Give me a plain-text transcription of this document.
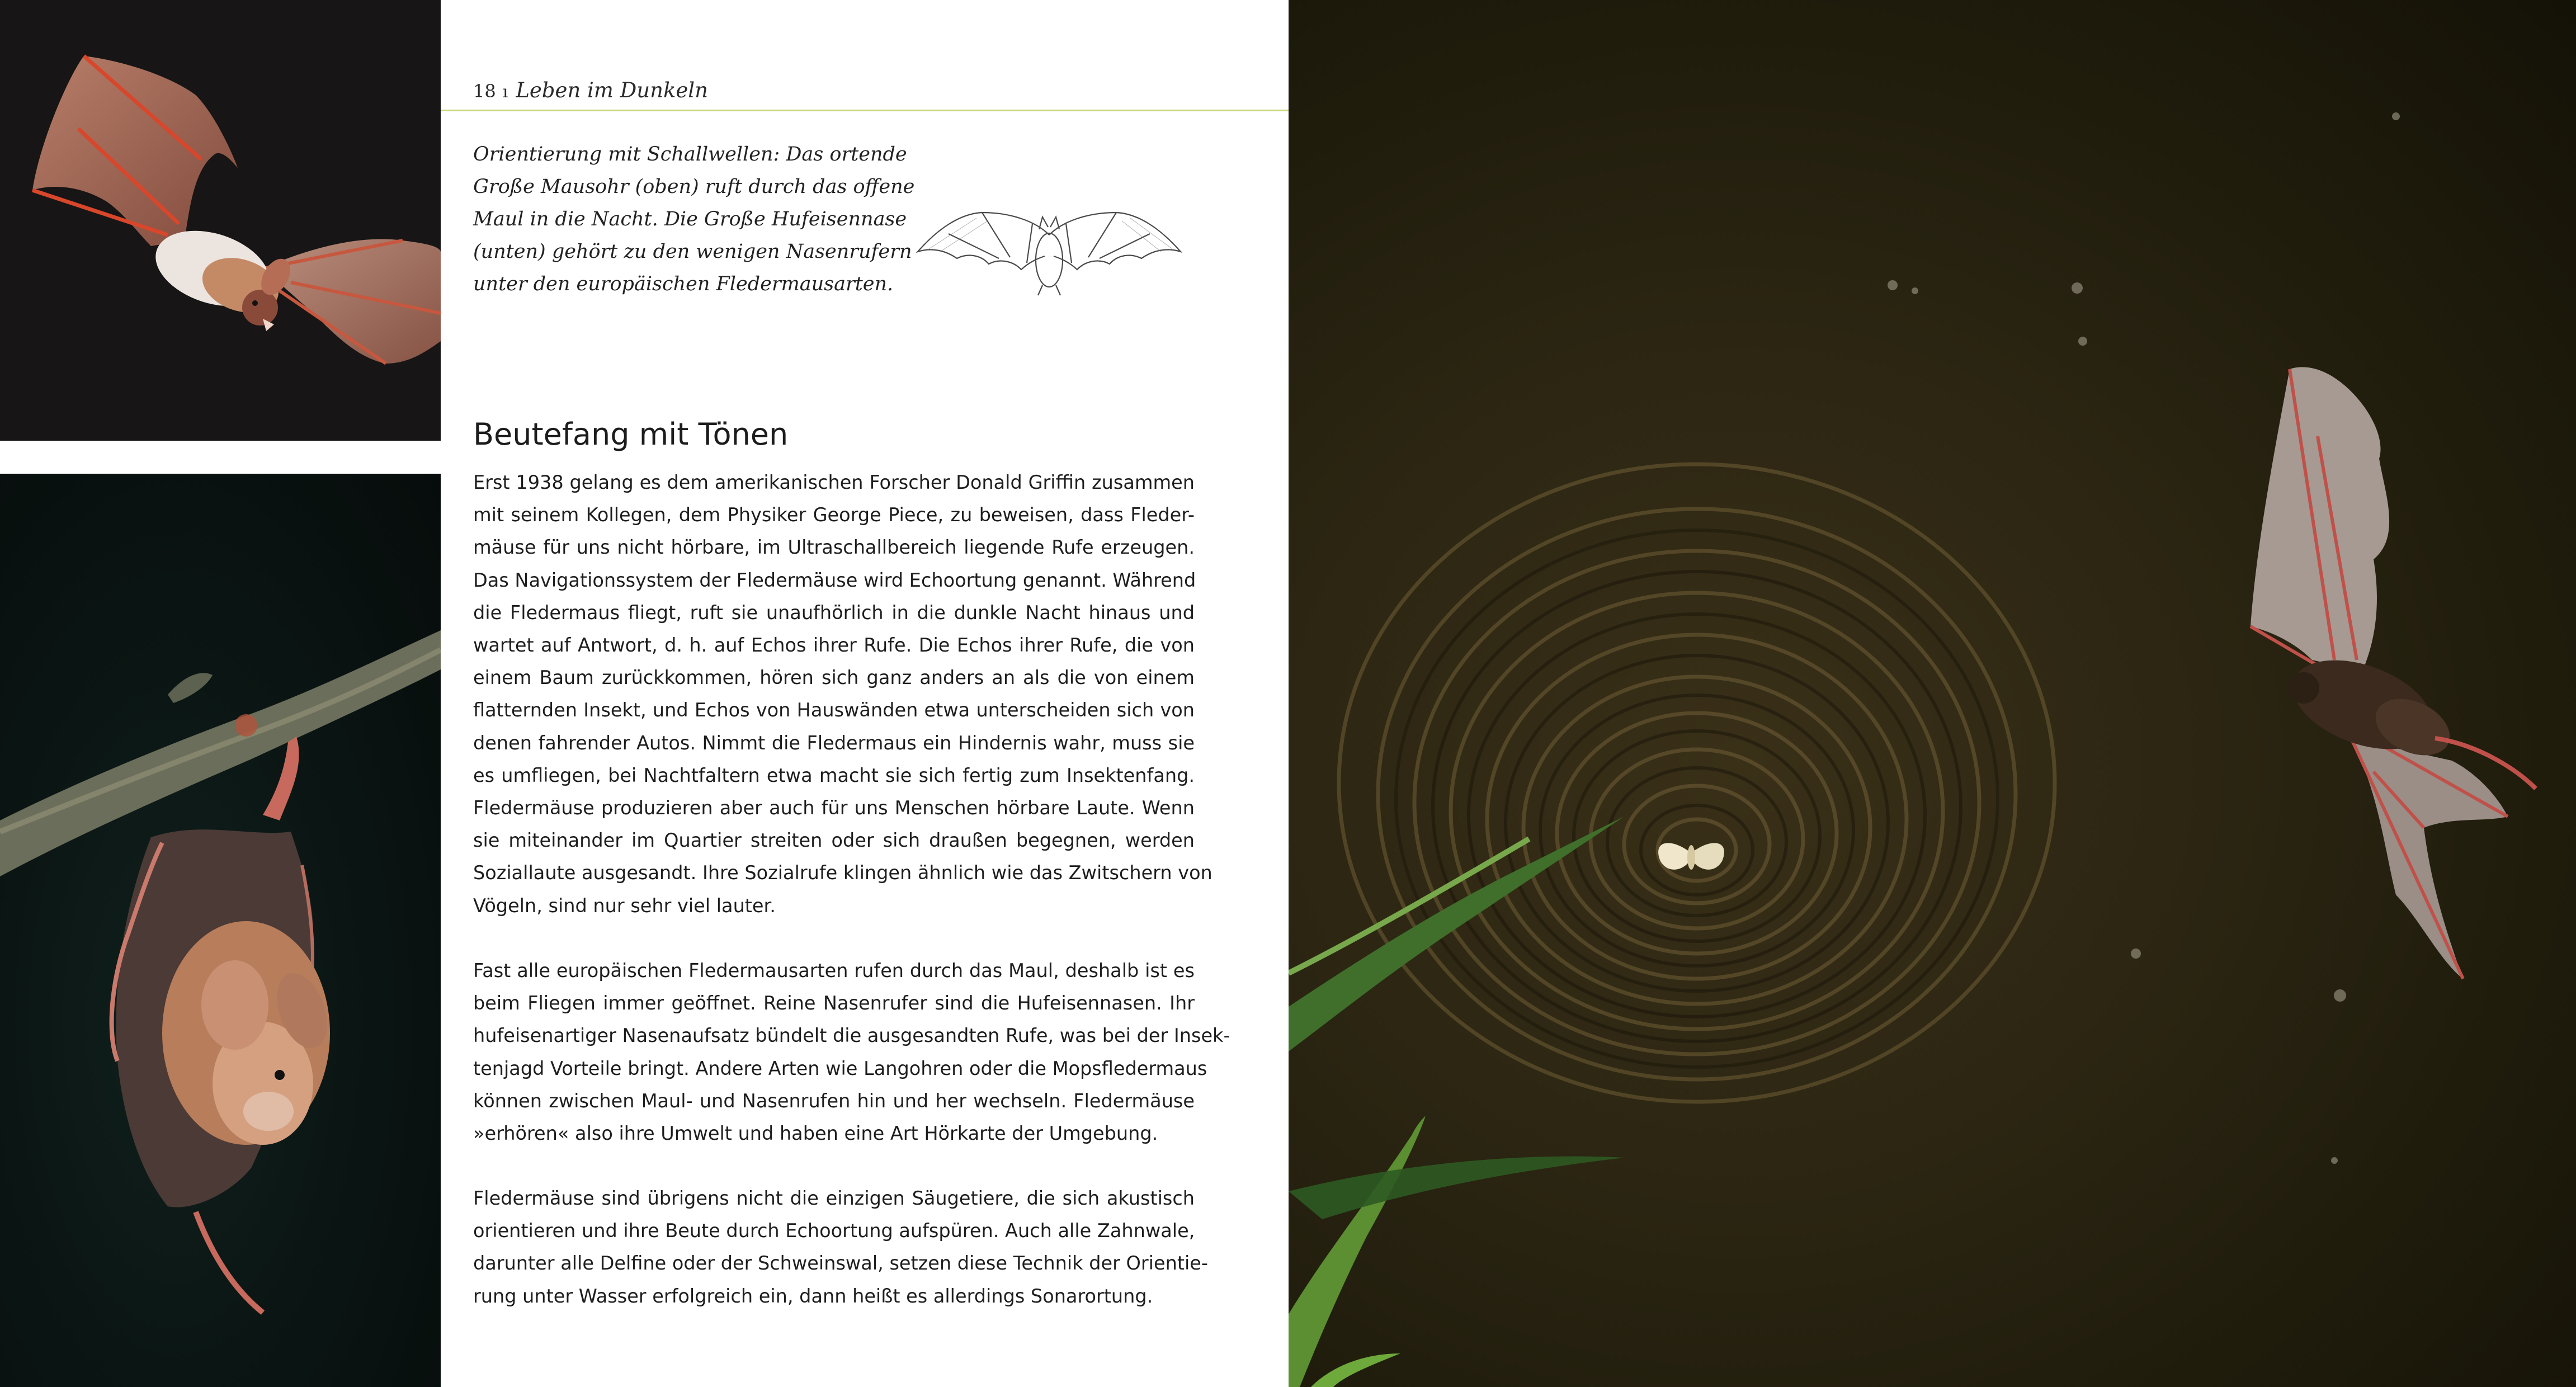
18 ı Leben im Dunkeln
Orientierung mit Schallwellen: Das ortende
Große Mausohr (oben) ruft durch das offene
Maul in die Nacht. Die Große Hufeisennase
(unten) gehört zu den wenigen Nasenrufern
unter den europäischen Fledermausarten.
Beutefang mit Tönen
Erst 1938 gelang es dem amerikanischen Forscher Donald Griffin zusammen
mit seinem Kollegen, dem Physiker George Piece, zu beweisen, dass Fleder-
mäuse für uns nicht hörbare, im Ultraschallbereich liegende Rufe erzeugen.
Das Navigationssystem der Fledermäuse wird Echoortung genannt. Während
die Fledermaus fliegt, ruft sie unaufhörlich in die dunkle Nacht hinaus und
wartet auf Antwort, d. h. auf Echos ihrer Rufe. Die Echos ihrer Rufe, die von
einem Baum zurückkommen, hören sich ganz anders an als die von einem
flatternden Insekt, und Echos von Hauswänden etwa unterscheiden sich von
denen fahrender Autos. Nimmt die Fledermaus ein Hindernis wahr, muss sie
es umfliegen, bei Nachtfaltern etwa macht sie sich fertig zum Insektenfang.
Fledermäuse produzieren aber auch für uns Menschen hörbare Laute. Wenn
sie miteinander im Quartier streiten oder sich draußen begegnen, werden
Soziallaute ausgesandt. Ihre Sozialrufe klingen ähnlich wie das Zwitschern von
Vögeln, sind nur sehr viel lauter.
Fast alle europäischen Fledermausarten rufen durch das Maul, deshalb ist es
beim Fliegen immer geöffnet. Reine Nasenrufer sind die Hufeisennasen. Ihr
hufeisenartiger Nasenaufsatz bündelt die ausgesandten Rufe, was bei der Insek-
tenjagd Vorteile bringt. Andere Arten wie Langohren oder die Mopsfledermaus
können zwischen Maul- und Nasenrufen hin und her wechseln. Fledermäuse
»erhören« also ihre Umwelt und haben eine Art Hörkarte der Umgebung.
Fledermäuse sind übrigens nicht die einzigen Säugetiere, die sich akustisch
orientieren und ihre Beute durch Echoortung aufspüren. Auch alle Zahnwale,
darunter alle Delfine oder der Schweinswal, setzen diese Technik der Orientie-
rung unter Wasser erfolgreich ein, dann heißt es allerdings Sonarortung.
